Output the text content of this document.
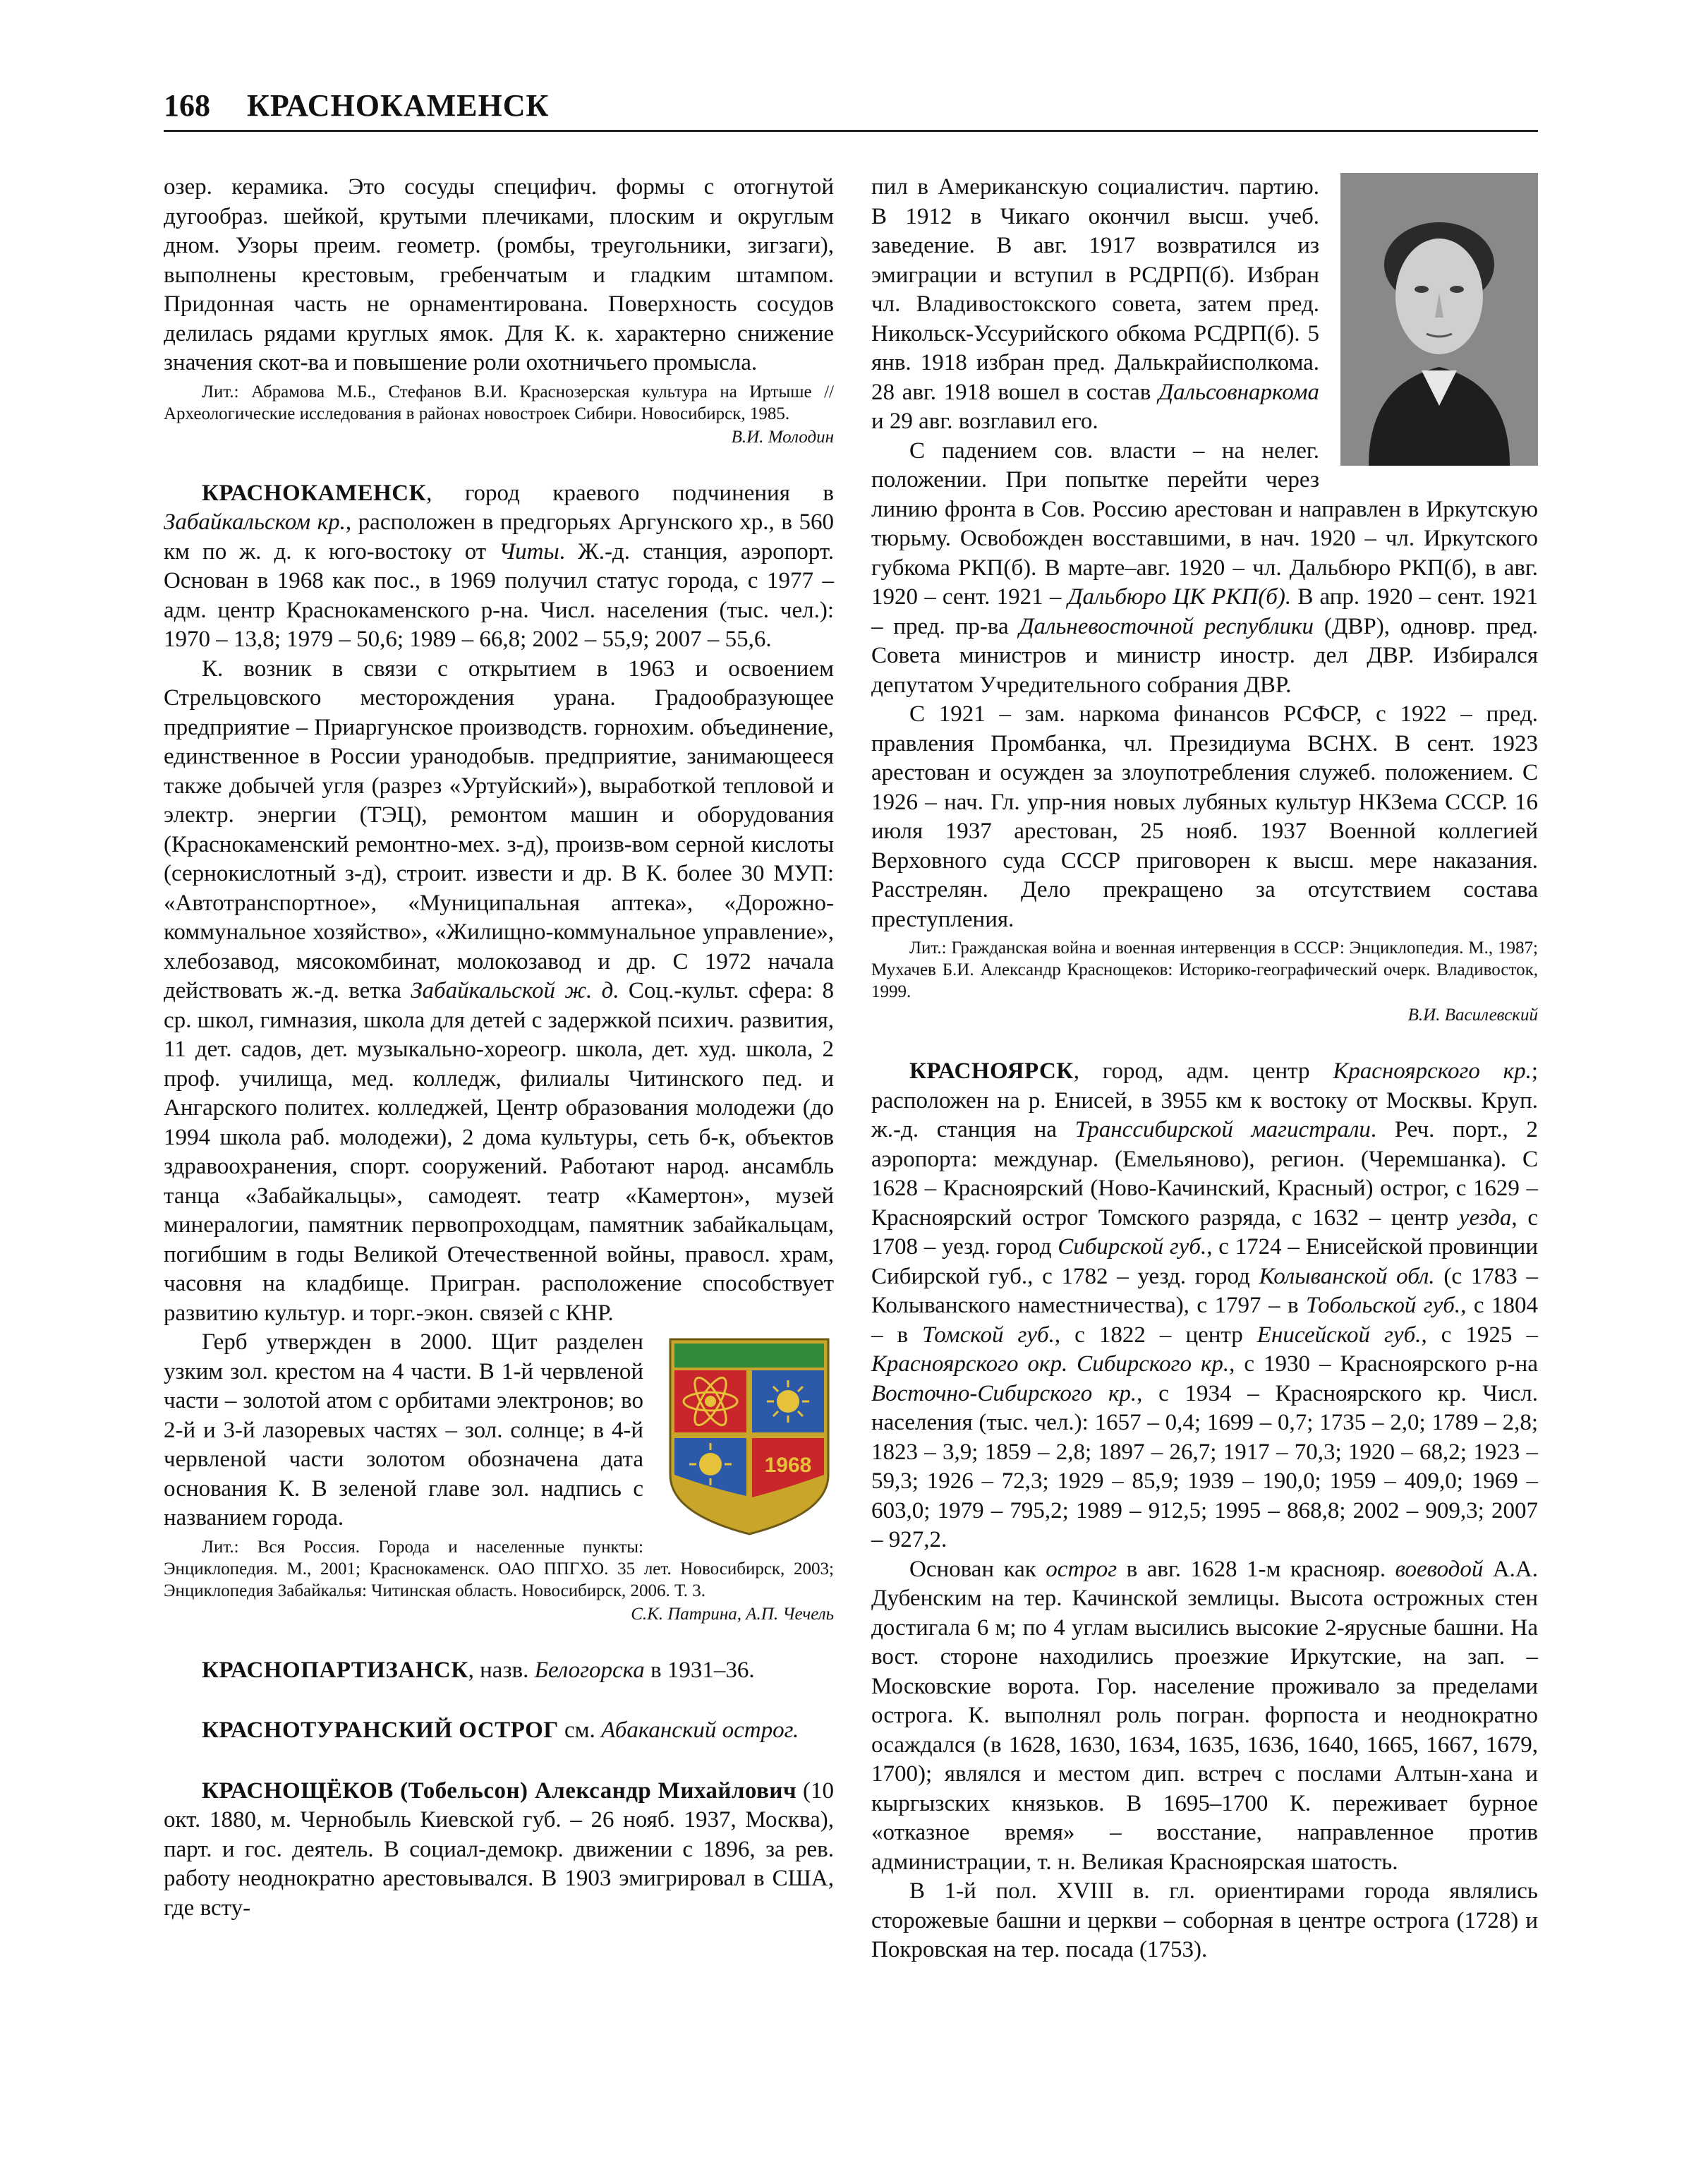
168 КРАСНОКАМЕНСК

озер. керамика. Это сосуды специфич. формы с отогнутой дугообраз. шейкой, крутыми плечиками, плоским и округлым дном. Узоры преим. геометр. (ромбы, треугольники, зигзаги), выполнены крестовым, гребенчатым и гладким штампом. Придонная часть не орнаментирована. Поверхность сосудов делилась рядами круглых ямок. Для К. к. характерно снижение значения скот-ва и повышение роли охотничьего промысла.

Лит.: Абрамова М.Б., Стефанов В.И. Краснозерская культура на Иртыше // Археологические исследования в районах новостроек Сибири. Новосибирск, 1985.

В.И. Молодин

КРАСНОКАМЕНСК, город краевого подчинения в Забайкальском кр., расположен в предгорьях Аргунского хр., в 560 км по ж. д. к юго-востоку от Читы. Ж.-д. станция, аэропорт. Основан в 1968 как пос., в 1969 получил статус города, с 1977 – адм. центр Краснокаменского р-на. Числ. населения (тыс. чел.): 1970 – 13,8; 1979 – 50,6; 1989 – 66,8; 2002 – 55,9; 2007 – 55,6.

К. возник в связи с открытием в 1963 и освоением Стрельцовского месторождения урана. Градообразующее предприятие – Приаргунское производств. горнохим. объединение, единственное в России уранодобыв. предприятие, занимающееся также добычей угля (разрез «Уртуйский»), выработкой тепловой и электр. энергии (ТЭЦ), ремонтом машин и оборудования (Краснокаменский ремонтно-мех. з-д), произв-вом серной кислоты (сернокислотный з-д), строит. извести и др. В К. более 30 МУП: «Автотранспортное», «Муниципальная аптека», «Дорожно-коммунальное хозяйство», «Жилищно-коммунальное управление», хлебозавод, мясокомбинат, молокозавод и др. С 1972 начала действовать ж.-д. ветка Забайкальской ж. д. Соц.-культ. сфера: 8 ср. школ, гимназия, школа для детей с задержкой психич. развития, 11 дет. садов, дет. музыкально-хореогр. школа, дет. худ. школа, 2 проф. училища, мед. колледж, филиалы Читинского пед. и Ангарского политех. колледжей, Центр образования молодежи (до 1994 школа раб. молодежи), 2 дома культуры, сеть б-к, объектов здравоохранения, спорт. сооружений. Работают народ. ансамбль танца «Забайкальцы», самодеят. театр «Камертон», музей минералогии, памятник первопроходцам, памятник забайкальцам, погибшим в годы Великой Отечественной войны, правосл. храм, часовня на кладбище. Пригран. расположение способствует развитию культур. и торг.-экон. связей с КНР.

1968

Герб утвержден в 2000. Щит разделен узким зол. крестом на 4 части. В 1-й червленой части – золотой атом с орбитами электронов; во 2-й и 3-й лазоревых частях – зол. солнце; в 4-й червленой части золотом обозначена дата основания К. В зеленой главе зол. надпись с названием города.

Лит.: Вся Россия. Города и населенные пункты: Энциклопедия. М., 2001; Краснокаменск. ОАО ППГХО. 35 лет. Новосибирск, 2003; Энциклопедия Забайкалья: Читинская область. Новосибирск, 2006. Т. 3.

С.К. Патрина, А.П. Чечель

КРАСНОПАРТИЗАНСК, назв. Белогорска в 1931–36.

КРАСНОТУРАНСКИЙ ОСТРОГ см. Абаканский острог.

КРАСНОЩЁКОВ (Тобельсон) Александр Михайлович (10 окт. 1880, м. Чернобыль Киевской губ. – 26 нояб. 1937, Москва), парт. и гос. деятель. В социал-демокр. движении с 1896, за рев. работу неоднократно арестовывался. В 1903 эмигрировал в США, где всту-

пил в Американскую социалистич. партию. В 1912 в Чикаго окончил высш. учеб. заведение. В авг. 1917 возвратился из эмиграции и вступил в РСДРП(б). Избран чл. Владивостокского совета, затем пред. Никольск-Уссурийского обкома РСДРП(б). 5 янв. 1918 избран пред. Далькрайисполкома. 28 авг. 1918 вошел в состав Дальсовнаркома и 29 авг. возглавил его.

С падением сов. власти – на нелег. положении. При попытке перейти через линию фронта в Сов. Россию арестован и направлен в Иркутскую тюрьму. Освобожден восставшими, в нач. 1920 – чл. Иркутского губкома РКП(б). В марте–авг. 1920 – чл. Дальбюро РКП(б), в авг. 1920 – сент. 1921 – Дальбюро ЦК РКП(б). В апр. 1920 – сент. 1921 – пред. пр-ва Дальневосточной республики (ДВР), одновр. пред. Совета министров и министр иностр. дел ДВР. Избирался депутатом Учредительного собрания ДВР.

С 1921 – зам. наркома финансов РСФСР, с 1922 – пред. правления Промбанка, чл. Президиума ВСНХ. В сент. 1923 арестован и осужден за злоупотребления служеб. положением. С 1926 – нач. Гл. упр-ния новых лубяных культур НКЗема СССР. 16 июля 1937 арестован, 25 нояб. 1937 Военной коллегией Верховного суда СССР приговорен к высш. мере наказания. Расстрелян. Дело прекращено за отсутствием состава преступления.

Лит.: Гражданская война и военная интервенция в СССР: Энциклопедия. М., 1987; Мухачев Б.И. Александр Краснощеков: Историко-географический очерк. Владивосток, 1999.

В.И. Василевский

КРАСНОЯРСК, город, адм. центр Красноярского кр.; расположен на р. Енисей, в 3955 км к востоку от Москвы. Круп. ж.-д. станция на Транссибирской магистрали. Реч. порт., 2 аэропорта: междунар. (Емельяново), регион. (Черемшанка). С 1628 – Красноярский (Ново-Качинский, Красный) острог, с 1629 – Красноярский острог Томского разряда, с 1632 – центр уезда, с 1708 – уезд. город Сибирской губ., с 1724 – Енисейской провинции Сибирской губ., с 1782 – уезд. город Колыванской обл. (с 1783 – Колыванского наместничества), с 1797 – в Тобольской губ., с 1804 – в Томской губ., с 1822 – центр Енисейской губ., с 1925 – Красноярского окр. Сибирского кр., с 1930 – Красноярского р-на Восточно-Сибирского кр., с 1934 – Красноярского кр. Числ. населения (тыс. чел.): 1657 – 0,4; 1699 – 0,7; 1735 – 2,0; 1789 – 2,8; 1823 – 3,9; 1859 – 2,8; 1897 – 26,7; 1917 – 70,3; 1920 – 68,2; 1923 – 59,3; 1926 – 72,3; 1929 – 85,9; 1939 – 190,0; 1959 – 409,0; 1969 – 603,0; 1979 – 795,2; 1989 – 912,5; 1995 – 868,8; 2002 – 909,3; 2007 – 927,2.

Основан как острог в авг. 1628 1-м краснояр. воеводой А.А. Дубенским на тер. Качинской землицы. Высота острожных стен достигала 6 м; по 4 углам высились высокие 2-ярусные башни. На вост. стороне находились проезжие Иркутские, на зап. – Московские ворота. Гор. население проживало за пределами острога. К. выполнял роль погран. форпоста и неоднократно осаждался (в 1628, 1630, 1634, 1635, 1636, 1640, 1665, 1667, 1679, 1700); являлся и местом дип. встреч с послами Алтын-хана и кыргызских князьков. В 1695–1700 К. переживает бурное «отказное время» – восстание, направленное против администрации, т. н. Великая Красноярская шатость.

В 1-й пол. XVIII в. гл. ориентирами города являлись сторожевые башни и церкви – соборная в центре острога (1728) и Покровская на тер. посада (1753).
